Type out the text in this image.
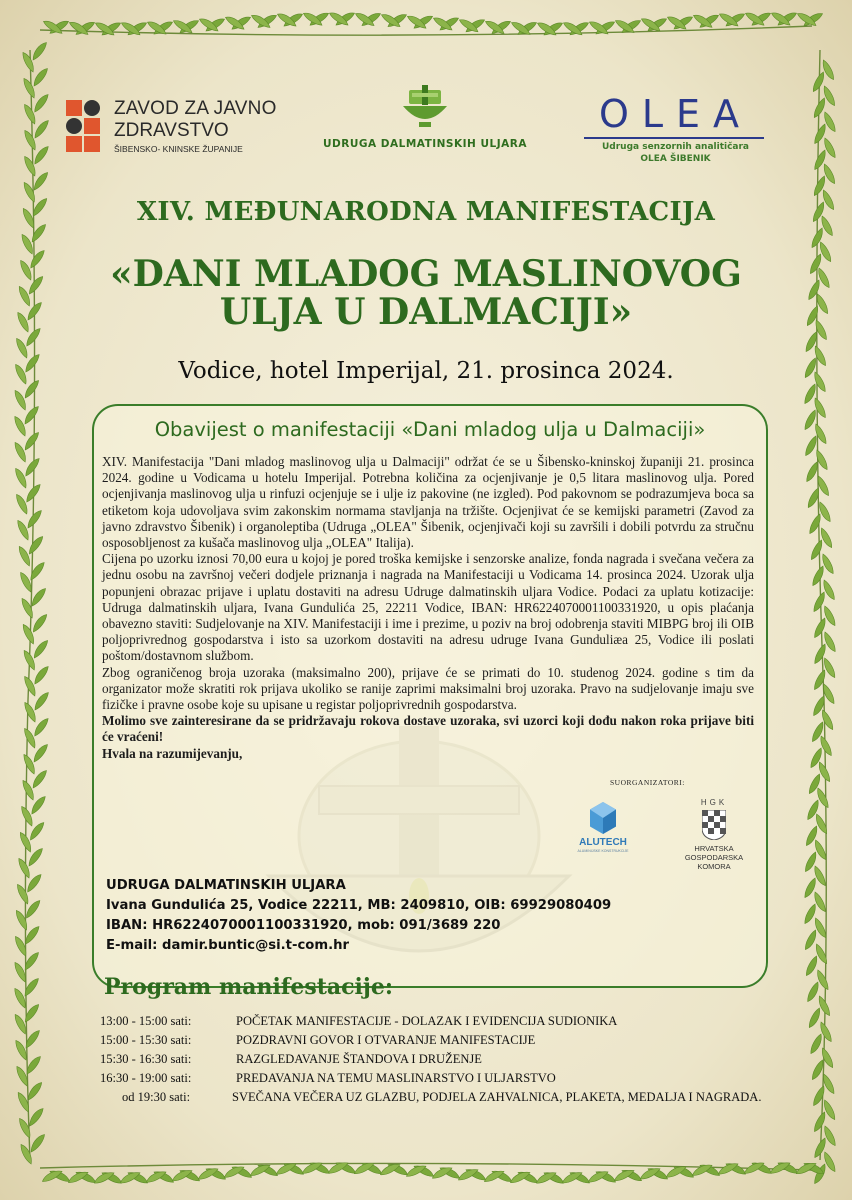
ZAVOD ZA JAVNO
ZDRAVSTVO
ŠIBENSKO- KNINSKE ŽUPANIJE	UDRUGA DALMATINSKIH ULJARA
OLEA
Udruga senzornih analitičara
OLEA ŠIBENIK
XIV. MEĐUNARODNA MANIFESTACIJA
«DANI MLADOG MASLINOVOG
ULJA U DALMACIJI»
Vodice, hotel Imperijal, 21. prosinca 2024.
Obavijest o manifestaciji «Dani mladog ulja u Dalmaciji»

XIV. Manifestacija "Dani mladog maslinovog ulja u Dalmaciji" održat će se u Šibensko-kninskoj županiji 21. prosinca 2024. godine u Vodicama u hotelu Imperijal. Potrebna količina za ocjenjivanje je 0,5 litara maslinovog ulja. Pored ocjenjivanja maslinovog ulja u rinfuzi ocjenjuje se i ulje iz pakovine (ne izgled). Pod pakovnom se podrazumjeva boca sa etiketom koja udovoljava svim zakonskim normama stavljanja na tržište. Ocjenjivat će se kemijski parametri (Zavod za javno zdravstvo Šibenik) i organoleptiba (Udruga „OLEA" Šibenik, ocjenjivači koji su završili i dobili potvrdu za stručnu osposobljenost za kušača maslinovog ulja „OLEA" Italija).

Cijena po uzorku iznosi 70,00 eura u kojoj je pored troška kemijske i senzorske analize, fonda nagrada i svečana večera za jednu osobu na završnoj večeri dodjele priznanja i nagrada na Manifestaciji u Vodicama 14. prosinca 2024. Uzorak ulja popunjeni obrazac prijave i uplatu dostaviti na adresu Udruge dalmatinskih uljara Vodice. Podaci za uplatu kotizacije: Udruga dalmatinskih uljara, Ivana Gundulića 25, 22211 Vodice, IBAN: HR6224070001100331920, u opis plaćanja obavezno staviti: Sudjelovanje na XIV. Manifestaciji i ime i prezime, u poziv na broj odobrenja staviti MIBPG broj ili OIB poljoprivrednog gospodarstva i isto sa uzorkom dostaviti na adresu udruge Ivana Gunduliæa 25, Vodice ili poslati poštom/dostavnom službom.

Zbog ograničenog broja uzoraka (maksimalno 200), prijave će se primati do 10. studenog 2024. godine s tim da organizator može skratiti rok prijava ukoliko se ranije zaprimi maksimalni broj uzoraka. Pravo na sudjelovanje imaju sve fizičke i pravne osobe koje su upisane u registar poljoprivrednih gospodarstva.

Molimo sve zainteresirane da se pridržavaju rokova dostave uzoraka, svi uzorci koji dođu nakon roka prijave biti će vraćeni!

Hvala na razumijevanju,

SUORGANIZATORI:
ALUTECH
ALUMINIJSKE KONSTRUKCIJE
HGK
HRVATSKA
GOSPODARSKA
KOMORA
UDRUGA DALMATINSKIH ULJARA
Ivana Gundulića 25, Vodice 22211, MB: 2409810, OIB: 69929080409
IBAN: HR6224070001100331920, mob: 091/3689 220
E-mail: damir.buntic@si.t-com.hr
Program manifestacije:
13:00 - 15:00 sati:	POČETAK MANIFESTACIJE - DOLAZAK I EVIDENCIJA SUDIONIKA
15:00 - 15:30 sati:	POZDRAVNI GOVOR I OTVARANJE MANIFESTACIJE
15:30 - 16:30 sati:	RAZGLEDAVANJE ŠTANDOVA I DRUŽENJE
16:30 - 19:00 sati:	PREDAVANJA NA TEMU MASLINARSTVO I ULJARSTVO
od 19:30 sati:	SVEČANA VEČERA UZ GLAZBU, PODJELA ZAHVALNICA, PLAKETA, MEDALJA I NAGRADA.
